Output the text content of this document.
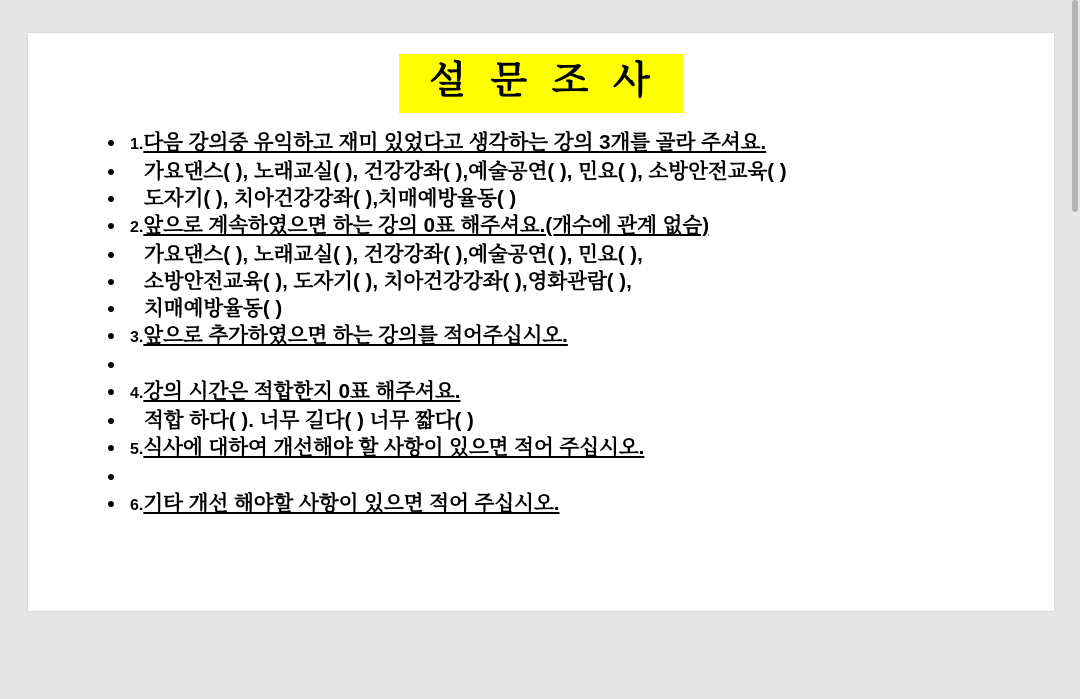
설 문 조 사
1.다음 강의중 유익하고 재미 있었다고 생각하는 강의 3개를 골라 주셔요.
가요댄스( ), 노래교실( ), 건강강좌( ),예술공연( ), 민요( ), 소방안전교육( )
도자기( ), 치아건강강좌( ),치매예방율동( )
2.앞으로 계속하였으면 하는 강의 0표 해주셔요.(개수에 관계 없슴)
가요댄스( ), 노래교실( ), 건강강좌( ),예술공연( ), 민요( ),
소방안전교육( ), 도자기( ), 치아건강강좌( ),영화관람( ),
치매예방율동( )
3.앞으로 추가하였으면 하는 강의를 적어주십시오.
4.강의 시간은 적합한지 0표 해주셔요.
적합 하다( ). 너무 길다( ) 너무 짧다( )
5.식사에 대하여 개선해야 할 사항이 있으면 적어 주십시오.
6.기타 개선 해야할 사항이 있으면 적어 주십시오.
